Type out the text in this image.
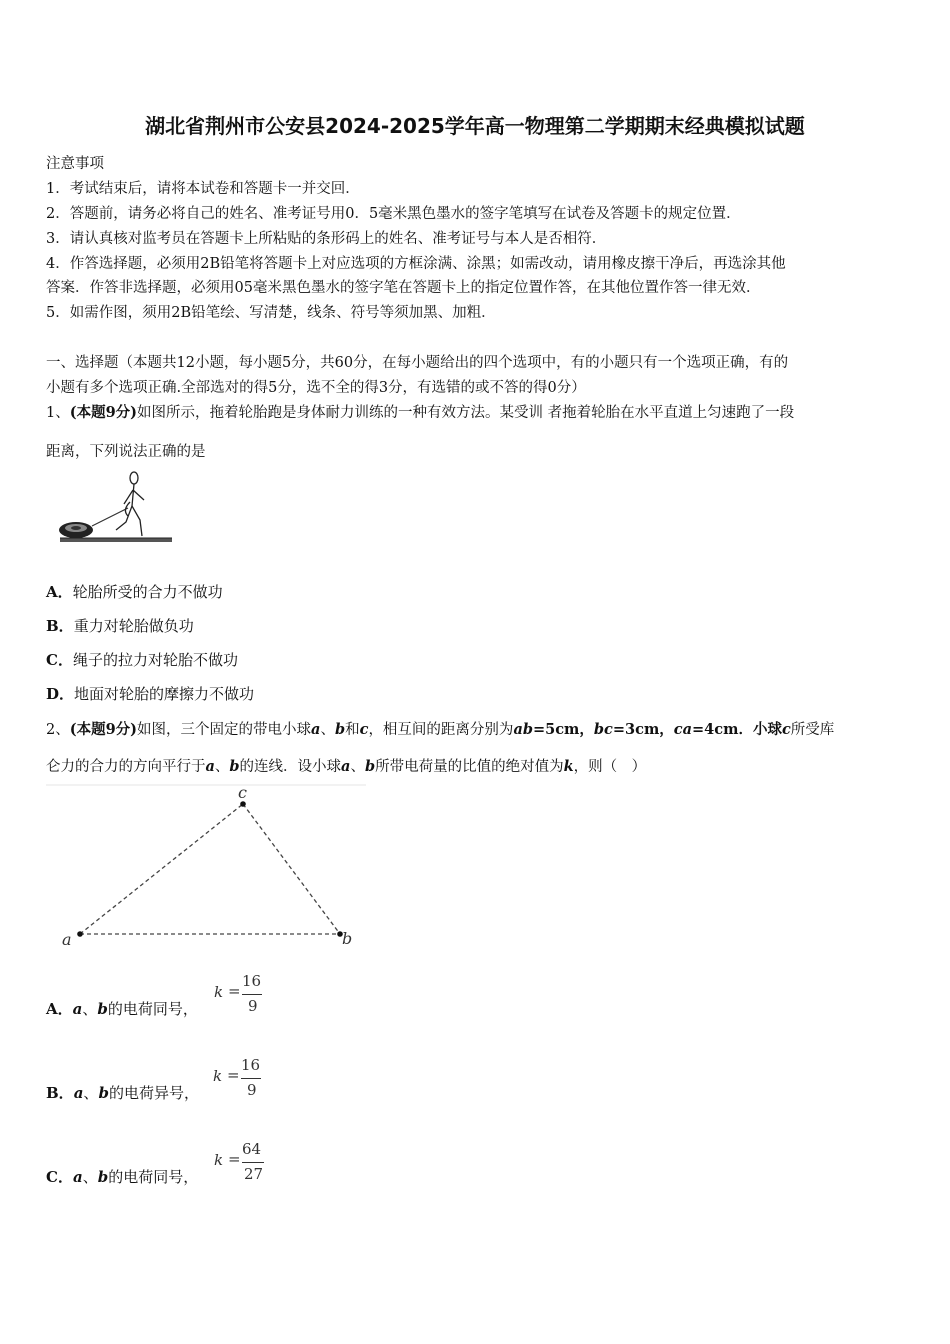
湖北省荆州市公安县2024-2025学年高一物理第二学期期末经典模拟试题
注意事项
1．考试结束后，请将本试卷和答题卡一并交回．
2．答题前，请务必将自己的姓名、准考证号用0．5毫米黑色墨水的签字笔填写在试卷及答题卡的规定位置．
3．请认真核对监考员在答题卡上所粘贴的条形码上的姓名、准考证号与本人是否相符．
4．作答选择题，必须用2B铅笔将答题卡上对应选项的方框涂满、涂黑；如需改动，请用橡皮擦干净后，再选涂其他
答案．作答非选择题，必须用05毫米黑色墨水的签字笔在答题卡上的指定位置作答，在其他位置作答一律无效．
5．如需作图，须用2B铅笔绘、写清楚，线条、符号等须加黑、加粗．
一、选择题（本题共12小题，每小题5分，共60分，在每小题给出的四个选项中，有的小题只有一个选项正确，有的
小题有多个选项正确.全部选对的得5分，选不全的得3分，有选错的或不答的得0分）
1、(本题9分)如图所示，拖着轮胎跑是身体耐力训练的一种有效方法。某受训 者拖着轮胎在水平直道上匀速跑了一段
距离，下列说法正确的是
A．轮胎所受的合力不做功
B．重力对轮胎做负功
C．绳子的拉力对轮胎不做功
D．地面对轮胎的摩擦力不做功
2、(本题9分)如图，三个固定的带电小球a、b和c，相互间的距离分别为ab=5cm，bc=3cm，ca=4cm．小球c所受库
仑力的合力的方向平行于a、b的连线．设小球a、b所带电荷量的比值的绝对值为k，则（　）
a	b
c
A．a、b的电荷同号，
k =
16
9
B．a、b的电荷异号，
k =
16
9
C．a、b的电荷同号，
k =
64
27
